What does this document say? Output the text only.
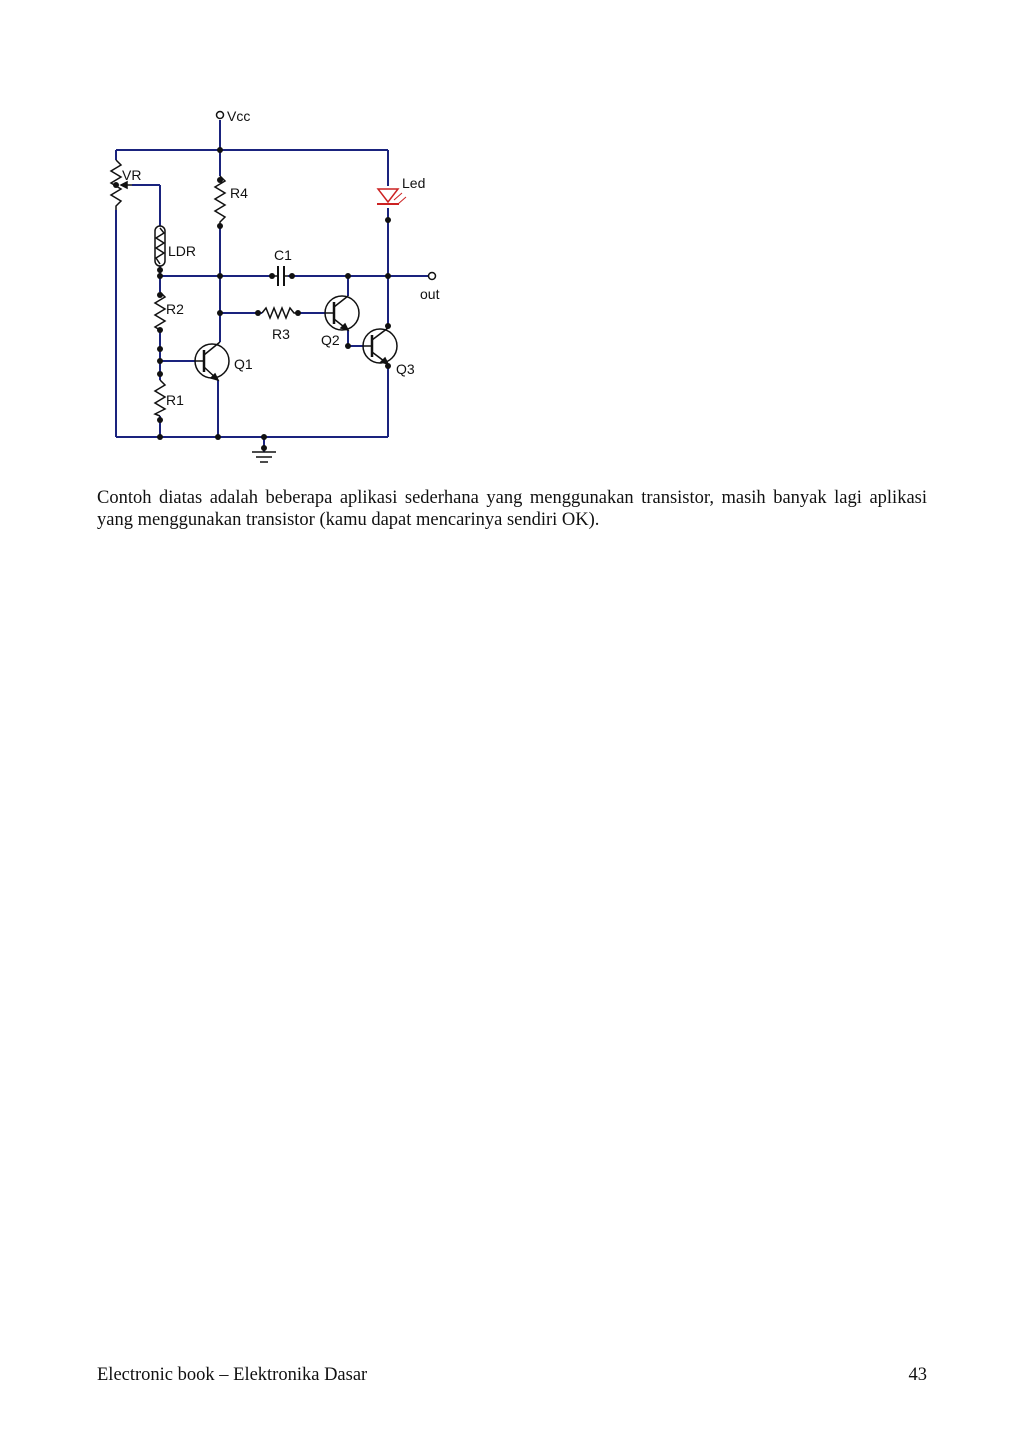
Vcc
VR
R4
Led
LDR	C1
out
R2
R3 Q2
Q1	Q3
R1

Contoh diatas adalah beberapa aplikasi sederhana yang menggunakan transistor, masih banyak lagi aplikasi yang menggunakan transistor (kamu dapat mencarinya sendiri OK).

Electronic book – Elektronika Dasar	43
